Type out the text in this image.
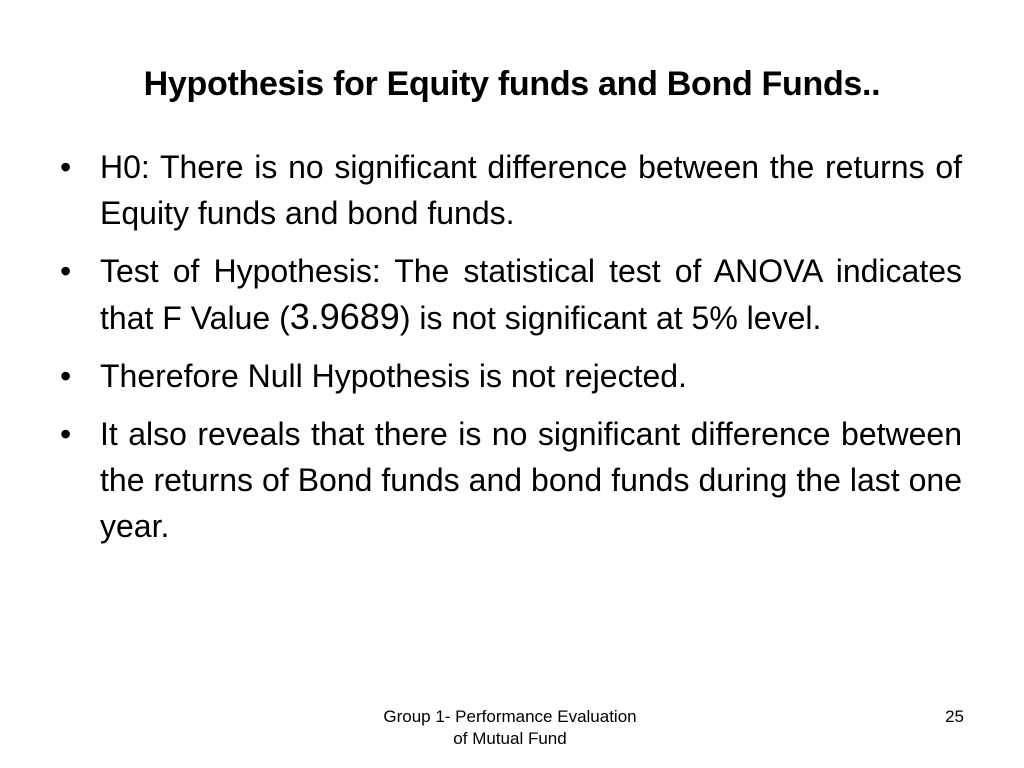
Hypothesis for Equity funds and Bond Funds..
• H0: There is no significant difference between the returns of Equity funds and bond funds.
• Test of Hypothesis: The statistical test of ANOVA indicates that F Value (3.9689) is not significant at 5% level.
• Therefore Null Hypothesis is not rejected.
• It also reveals that there is no significant difference between the returns of Bond funds and bond funds during the last one year.
Group 1- Performance Evaluation
of Mutual Fund
25
